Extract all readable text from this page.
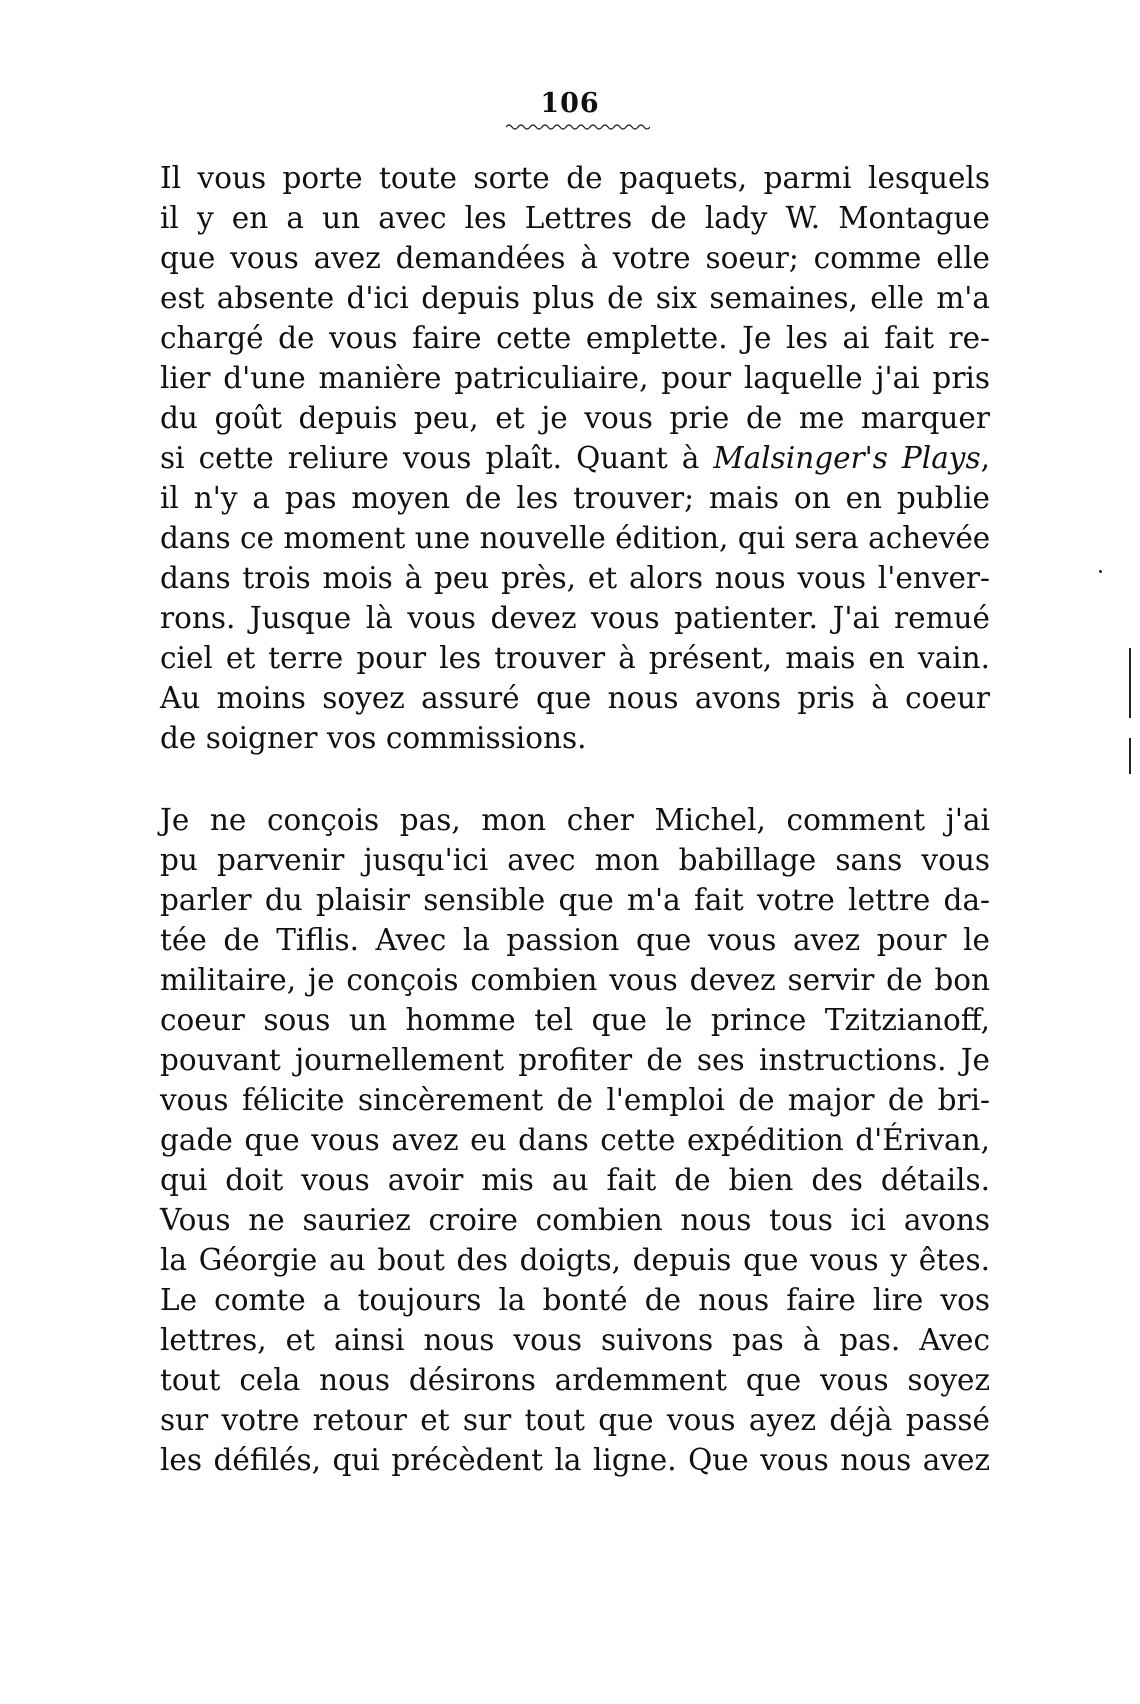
106
Il vous porte toute sorte de paquets, parmi lesquels
il y en a un avec les Lettres de lady W. Montague
que vous avez demandées à votre soeur; comme elle
est absente d'ici depuis plus de six semaines, elle m'a
chargé de vous faire cette emplette. Je les ai fait re-
lier d'une manière patriculiaire, pour laquelle j'ai pris
du goût depuis peu, et je vous prie de me marquer
si cette reliure vous plaît. Quant à Malsinger's Plays,
il n'y a pas moyen de les trouver; mais on en publie
dans ce moment une nouvelle édition, qui sera achevée
dans trois mois à peu près, et alors nous vous l'enver-
rons. Jusque là vous devez vous patienter. J'ai remué
ciel et terre pour les trouver à présent, mais en vain.
Au moins soyez assuré que nous avons pris à coeur
de soigner vos commissions.
Je ne conçois pas, mon cher Michel, comment j'ai
pu parvenir jusqu'ici avec mon babillage sans vous
parler du plaisir sensible que m'a fait votre lettre da-
tée de Tiflis. Avec la passion que vous avez pour le
militaire, je conçois combien vous devez servir de bon
coeur sous un homme tel que le prince Tzitzianoff,
pouvant journellement profiter de ses instructions. Je
vous félicite sincèrement de l'emploi de major de bri-
gade que vous avez eu dans cette expédition d'Érivan,
qui doit vous avoir mis au fait de bien des détails.
Vous ne sauriez croire combien nous tous ici avons
la Géorgie au bout des doigts, depuis que vous y êtes.
Le comte a toujours la bonté de nous faire lire vos
lettres, et ainsi nous vous suivons pas à pas. Avec
tout cela nous désirons ardemment que vous soyez
sur votre retour et sur tout que vous ayez déjà passé
les défilés, qui précèdent la ligne. Que vous nous avez
